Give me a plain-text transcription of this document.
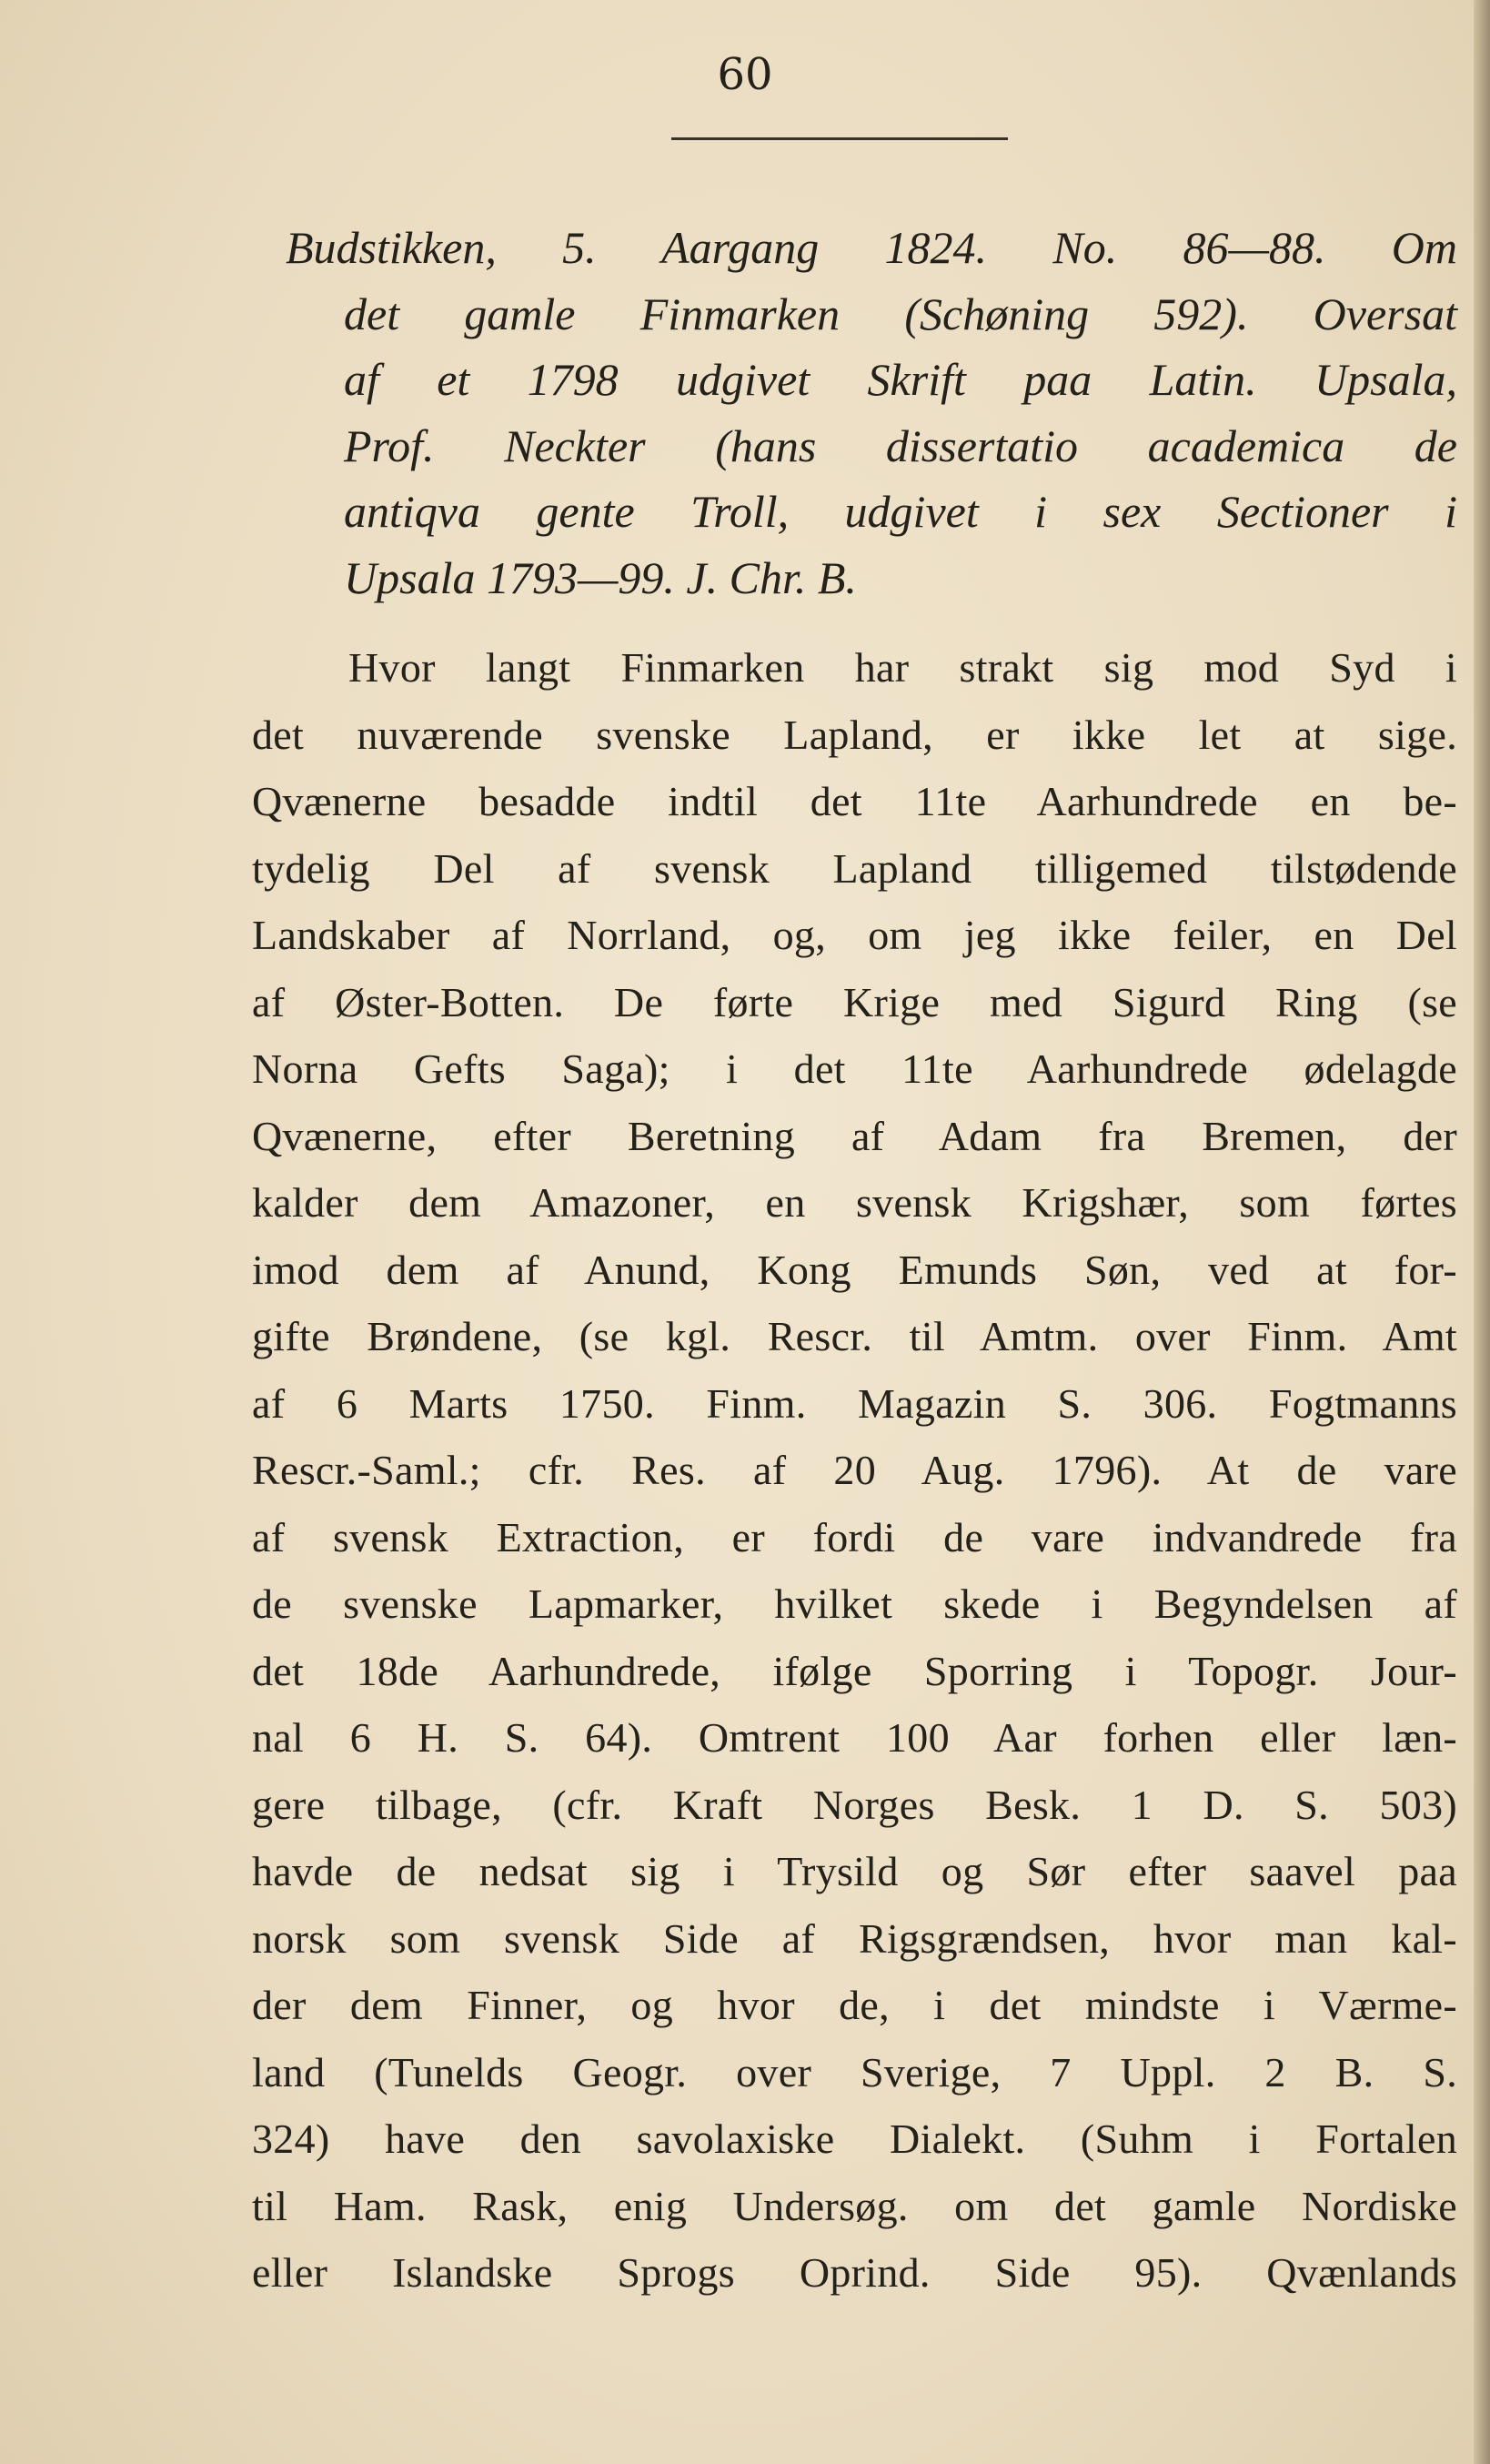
60
Budstikken, 5. Aargang 1824. No. 86—88. Om
det gamle Finmarken (Schøning 592). Oversat
af et 1798 udgivet Skrift paa Latin. Upsala,
Prof. Neckter (hans dissertatio academica de
antiqva gente Troll, udgivet i sex Sectioner i
Upsala 1793—99. J. Chr. B.
Hvor langt Finmarken har strakt sig mod Syd i
det nuværende svenske Lapland, er ikke let at sige.
Qvænerne besadde indtil det 11te Aarhundrede en be-
tydelig Del af svensk Lapland tilligemed tilstødende
Landskaber af Norrland, og, om jeg ikke feiler, en Del
af Øster-Botten. De førte Krige med Sigurd Ring (se
Norna Gefts Saga); i det 11te Aarhundrede ødelagde
Qvænerne, efter Beretning af Adam fra Bremen, der
kalder dem Amazoner, en svensk Krigshær, som førtes
imod dem af Anund, Kong Emunds Søn, ved at for-
gifte Brøndene, (se kgl. Rescr. til Amtm. over Finm. Amt
af 6 Marts 1750. Finm. Magazin S. 306. Fogtmanns
Rescr.-Saml.; cfr. Res. af 20 Aug. 1796). At de vare
af svensk Extraction, er fordi de vare indvandrede fra
de svenske Lapmarker, hvilket skede i Begyndelsen af
det 18de Aarhundrede, ifølge Sporring i Topogr. Jour-
nal 6 H. S. 64). Omtrent 100 Aar forhen eller læn-
gere tilbage, (cfr. Kraft Norges Besk. 1 D. S. 503)
havde de nedsat sig i Trysild og Sør efter saavel paa
norsk som svensk Side af Rigsgrændsen, hvor man kal-
der dem Finner, og hvor de, i det mindste i Værme-
land (Tunelds Geogr. over Sverige, 7 Uppl. 2 B. S.
324) have den savolaxiske Dialekt. (Suhm i Fortalen
til Ham. Rask, enig Undersøg. om det gamle Nordiske
eller Islandske Sprogs Oprind. Side 95). Qvænlands
